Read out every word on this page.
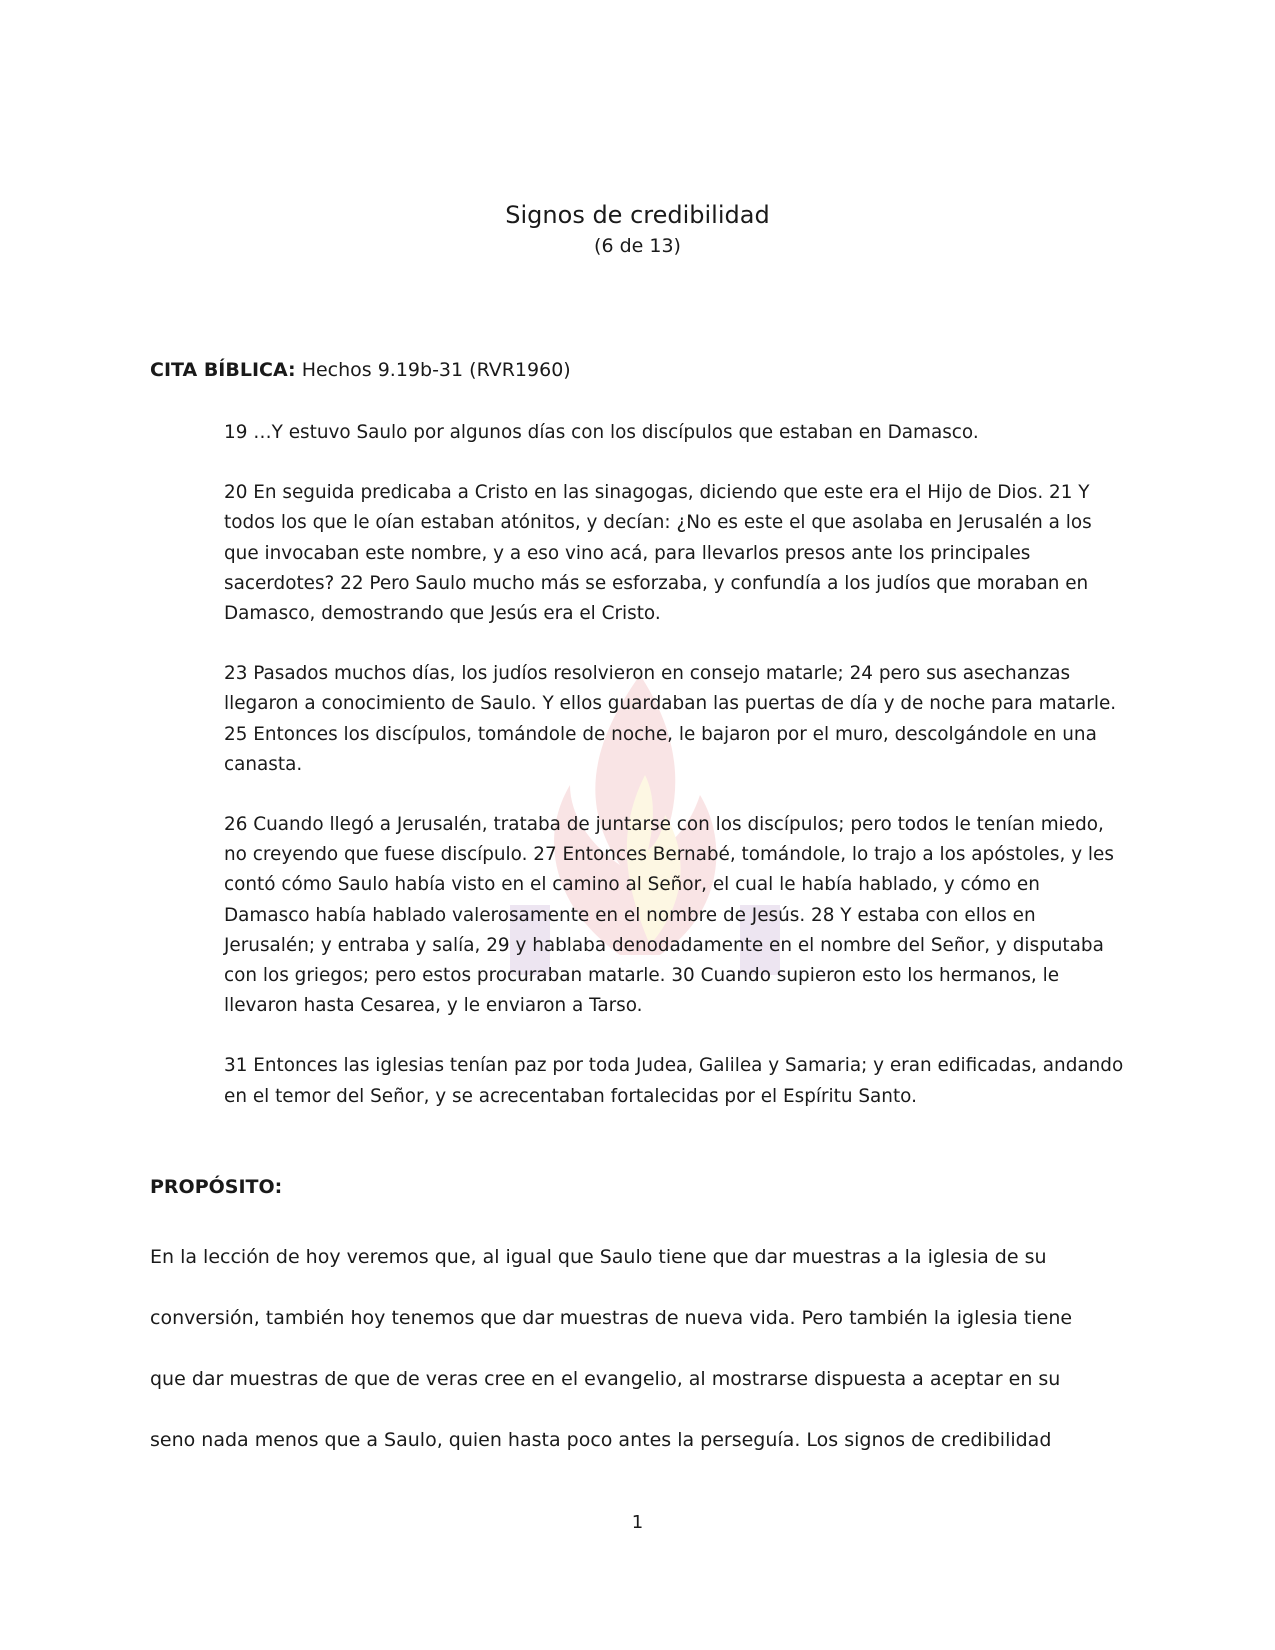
Signos de credibilidad
(6 de 13)
CITA BÍBLICA: Hechos 9.19b-31 (RVR1960)

19 …Y estuvo Saulo por algunos días con los discípulos que estaban en Damasco.

20 En seguida predicaba a Cristo en las sinagogas, diciendo que este era el Hijo de Dios. 21 Y todos los que le oían estaban atónitos, y decían: ¿No es este el que asolaba en Jerusalén a los que invocaban este nombre, y a eso vino acá, para llevarlos presos ante los principales sacerdotes? 22 Pero Saulo mucho más se esforzaba, y confundía a los judíos que moraban en Damasco, demostrando que Jesús era el Cristo.

23 Pasados muchos días, los judíos resolvieron en consejo matarle; 24 pero sus asechanzas llegaron a conocimiento de Saulo. Y ellos guardaban las puertas de día y de noche para matarle. 25 Entonces los discípulos, tomándole de noche, le bajaron por el muro, descolgándole en una canasta.

26 Cuando llegó a Jerusalén, trataba de juntarse con los discípulos; pero todos le tenían miedo, no creyendo que fuese discípulo. 27 Entonces Bernabé, tomándole, lo trajo a los apóstoles, y les contó cómo Saulo había visto en el camino al Señor, el cual le había hablado, y cómo en Damasco había hablado valerosamente en el nombre de Jesús. 28 Y estaba con ellos en Jerusalén; y entraba y salía, 29 y hablaba denodadamente en el nombre del Señor, y disputaba con los griegos; pero estos procuraban matarle. 30 Cuando supieron esto los hermanos, le llevaron hasta Cesarea, y le enviaron a Tarso.

31 Entonces las iglesias tenían paz por toda Judea, Galilea y Samaria; y eran edificadas, andando en el temor del Señor, y se acrecentaban fortalecidas por el Espíritu Santo.

PROPÓSITO:

En la lección de hoy veremos que, al igual que Saulo tiene que dar muestras a la iglesia de su

conversión, también hoy tenemos que dar muestras de nueva vida. Pero también la iglesia tiene

que dar muestras de que de veras cree en el evangelio, al mostrarse dispuesta a aceptar en su

seno nada menos que a Saulo, quien hasta poco antes la perseguía. Los signos de credibilidad

1
